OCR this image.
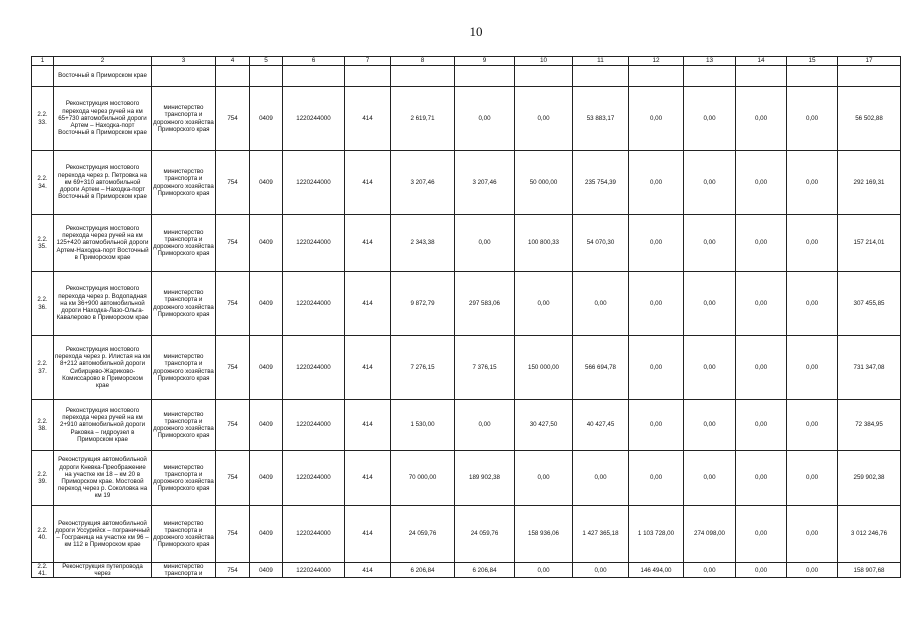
10
1	2	3	4	5	6	7	8	9	10	11	12	13	14	15	17
	Восточный в Приморском крае														
2.2. 33.	Реконструкция мостового перехода через ручей на км 65+730 автомобильной дороги Артем – Находка-порт Восточный в Приморском крае	министерство транспорта и дорожного хозяйства Приморского края	754	0409	1220244000	414	2 619,71	0,00	0,00	53 883,17	0,00	0,00	0,00	0,00	56 502,88
2.2. 34.	Реконструкция мостового перехода через р. Петровка на км 69+310 автомобильной дороги Артем – Находка-порт Восточный в Приморском крае	министерство транспорта и дорожного хозяйства Приморского края	754	0409	1220244000	414	3 207,46	3 207,46	50 000,00	235 754,39	0,00	0,00	0,00	0,00	292 169,31
2.2. 35.	Реконструкция мостового перехода через ручей на км 125+420 автомобильной дороги Артем-Находка-порт Восточный в Приморском крае	министерство транспорта и дорожного хозяйства Приморского края	754	0409	1220244000	414	2 343,38	0,00	100 800,33	54 070,30	0,00	0,00	0,00	0,00	157 214,01
2.2. 36.	Реконструкция мостового перехода через р. Водопадная на км 36+900 автомобильной дороги Находка-Лазо-Ольга-Кавалерово в Приморском крае	министерство транспорта и дорожного хозяйства Приморского края	754	0409	1220244000	414	9 872,79	297 583,06	0,00	0,00	0,00	0,00	0,00	0,00	307 455,85
2.2. 37.	Реконструкция мостового перехода через р. Илистая на км 8+212 автомобильной дороги Сибирцево-Жариково-Комиссарово в Приморском крае	министерство транспорта и дорожного хозяйства Приморского края	754	0409	1220244000	414	7 276,15	7 376,15	150 000,00	566 694,78	0,00	0,00	0,00	0,00	731 347,08
2.2. 38.	Реконструкция мостового перехода через ручей на км 2+910 автомобильной дороги Раковка – гидроузел в Приморском крае	министерство транспорта и дорожного хозяйства Приморского края	754	0409	1220244000	414	1 530,00	0,00	30 427,50	40 427,45	0,00	0,00	0,00	0,00	72 384,95
2.2. 39.	Реконструкция автомобильной дороги Кневка-Преображение на участке км 18 – км 20 в Приморском крае. Мостовой переход через р. Соколовка на км 19	министерство транспорта и дорожного хозяйства Приморского края	754	0409	1220244000	414	70 000,00	189 902,38	0,00	0,00	0,00	0,00	0,00	0,00	259 902,38
2.2. 40.	Реконструкция автомобильной дороги Уссурийск – пограничный – Госграница на участке км 96 – км 112 в Приморском крае	министерство транспорта и дорожного хозяйства Приморского края	754	0409	1220244000	414	24 059,76	24 059,76	158 936,06	1 427 365,18	1 103 728,00	274 098,00	0,00	0,00	3 012 246,76
2.2. 41.	Реконструкция путепровода через	министерство транспорта и	754	0409	1220244000	414	6 206,84	6 206,84	0,00	0,00	146 494,00	0,00	0,00	0,00	158 907,68
